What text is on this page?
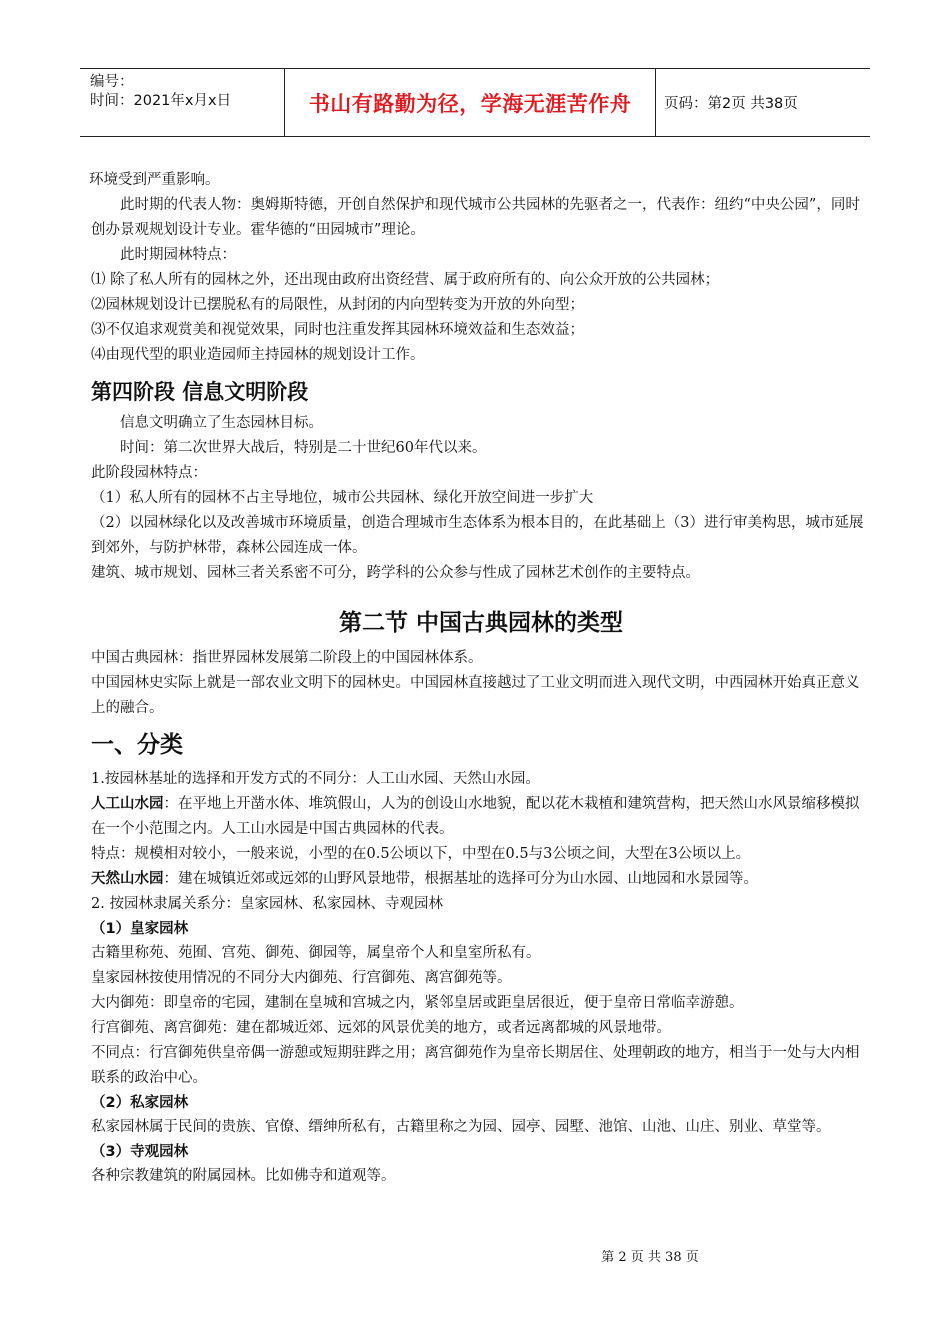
编号：
时间：2021年x月x日	书山有路勤为径，学海无涯苦作舟	页码：第2页 共38页

环境受到严重影响。

此时期的代表人物：奥姆斯特德，开创自然保护和现代城市公共园林的先驱者之一，代表作：纽约“中央公园”，同时创办景观规划设计专业。霍华德的“田园城市”理论。

此时期园林特点：

⑴ 除了私人所有的园林之外，还出现由政府出资经营、属于政府所有的、向公众开放的公共园林；

⑵园林规划设计已摆脱私有的局限性，从封闭的内向型转变为开放的外向型；

⑶不仅追求观赏美和视觉效果，同时也注重发挥其园林环境效益和生态效益；

⑷由现代型的职业造园师主持园林的规划设计工作。

第四阶段 信息文明阶段

信息文明确立了生态园林目标。

时间：第二次世界大战后，特别是二十世纪60年代以来。

此阶段园林特点：

（1）私人所有的园林不占主导地位，城市公共园林、绿化开放空间进一步扩大

（2）以园林绿化以及改善城市环境质量，创造合理城市生态体系为根本目的，在此基础上（3）进行审美构思，城市延展到郊外，与防护林带，森林公园连成一体。

建筑、城市规划、园林三者关系密不可分，跨学科的公众参与性成了园林艺术创作的主要特点。

第二节 中国古典园林的类型

中国古典园林：指世界园林发展第二阶段上的中国园林体系。

中国园林史实际上就是一部农业文明下的园林史。中国园林直接越过了工业文明而进入现代文明，中西园林开始真正意义上的融合。

一、分类

1.按园林基址的选择和开发方式的不同分：人工山水园、天然山水园。

人工山水园：在平地上开凿水体、堆筑假山，人为的创设山水地貌，配以花木栽植和建筑营构，把天然山水风景缩移模拟在一个小范围之内。人工山水园是中国古典园林的代表。

特点：规模相对较小，一般来说，小型的在0.5公顷以下，中型在0.5与3公顷之间，大型在3公顷以上。

天然山水园：建在城镇近郊或远郊的山野风景地带，根据基址的选择可分为山水园、山地园和水景园等。

2. 按园林隶属关系分：皇家园林、私家园林、寺观园林

（1）皇家园林

古籍里称苑、苑囿、宫苑、御苑、御园等，属皇帝个人和皇室所私有。

皇家园林按使用情况的不同分大内御苑、行宫御苑、离宫御苑等。

大内御苑：即皇帝的宅园，建制在皇城和宫城之内，紧邻皇居或距皇居很近，便于皇帝日常临幸游憩。

行宫御苑、离宫御苑：建在都城近郊、远郊的风景优美的地方，或者远离都城的风景地带。

不同点：行宫御苑供皇帝偶一游憩或短期驻跸之用；离宫御苑作为皇帝长期居住、处理朝政的地方，相当于一处与大内相联系的政治中心。

（2）私家园林

私家园林属于民间的贵族、官僚、缙绅所私有，古籍里称之为园、园亭、园墅、池馆、山池、山庄、别业、草堂等。

（3）寺观园林

各种宗教建筑的附属园林。比如佛寺和道观等。

第 2 页 共 38 页
